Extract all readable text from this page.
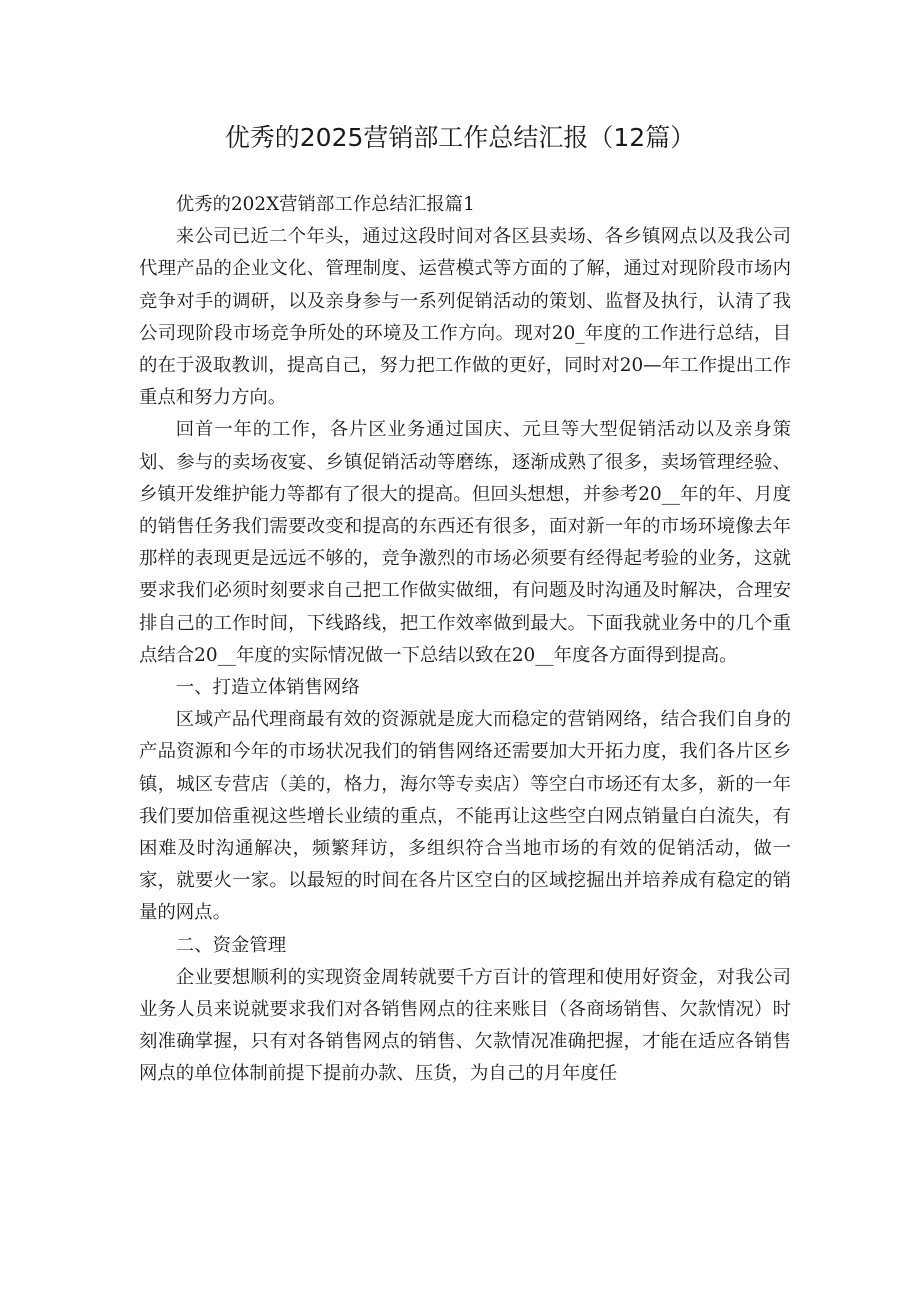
优秀的2025营销部工作总结汇报（12篇）

优秀的202X营销部工作总结汇报篇1

来公司已近二个年头，通过这段时间对各区县卖场、各乡镇网点以及我公司代理产品的企业文化、管理制度、运营模式等方面的了解，通过对现阶段市场内竞争对手的调研，以及亲身参与一系列促销活动的策划、监督及执行，认清了我公司现阶段市场竞争所处的环境及工作方向。现对20_年度的工作进行总结，目的在于汲取教训，提高自己，努力把工作做的更好，同时对20—年工作提出工作重点和努力方向。

回首一年的工作，各片区业务通过国庆、元旦等大型促销活动以及亲身策划、参与的卖场夜宴、乡镇促销活动等磨练，逐渐成熟了很多，卖场管理经验、乡镇开发维护能力等都有了很大的提高。但回头想想，并参考20__年的年、月度的销售任务我们需要改变和提高的东西还有很多，面对新一年的市场环境像去年那样的表现更是远远不够的，竞争激烈的市场必须要有经得起考验的业务，这就要求我们必须时刻要求自己把工作做实做细，有问题及时沟通及时解决，合理安排自己的工作时间，下线路线，把工作效率做到最大。下面我就业务中的几个重点结合20__年度的实际情况做一下总结以致在20__年度各方面得到提高。

一、打造立体销售网络

区域产品代理商最有效的资源就是庞大而稳定的营销网络，结合我们自身的产品资源和今年的市场状况我们的销售网络还需要加大开拓力度，我们各片区乡镇，城区专营店（美的，格力，海尔等专卖店）等空白市场还有太多，新的一年我们要加倍重视这些增长业绩的重点，不能再让这些空白网点销量白白流失，有困难及时沟通解决，频繁拜访，多组织符合当地市场的有效的促销活动，做一家，就要火一家。以最短的时间在各片区空白的区域挖掘出并培养成有稳定的销量的网点。

二、资金管理

企业要想顺利的实现资金周转就要千方百计的管理和使用好资金，对我公司业务人员来说就要求我们对各销售网点的往来账目（各商场销售、欠款情况）时刻准确掌握，只有对各销售网点的销售、欠款情况准确把握，才能在适应各销售网点的单位体制前提下提前办款、压货，为自己的月年度任
